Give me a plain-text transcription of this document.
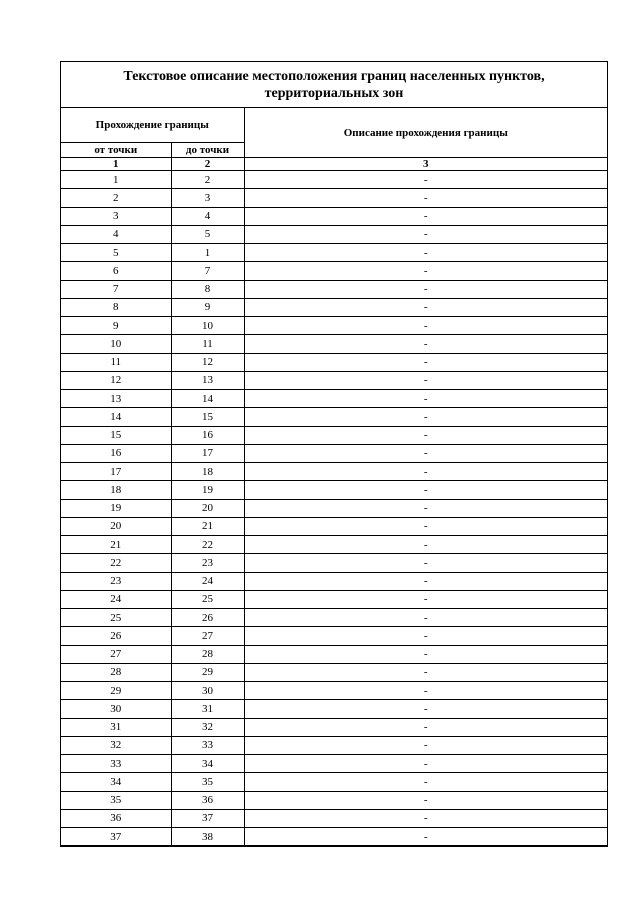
Текстовое описание местоположения границ населенных пунктов, территориальных зон
Прохождение границы		Описание прохождения границы
от точки	до точки	
1	2	3
1	2	-
2	3	-
3	4	-
4	5	-
5	1	-
6	7	-
7	8	-
8	9	-
9	10	-
10	11	-
11	12	-
12	13	-
13	14	-
14	15	-
15	16	-
16	17	-
17	18	-
18	19	-
19	20	-
20	21	-
21	22	-
22	23	-
23	24	-
24	25	-
25	26	-
26	27	-
27	28	-
28	29	-
29	30	-
30	31	-
31	32	-
32	33	-
33	34	-
34	35	-
35	36	-
36	37	-
37	38	-
